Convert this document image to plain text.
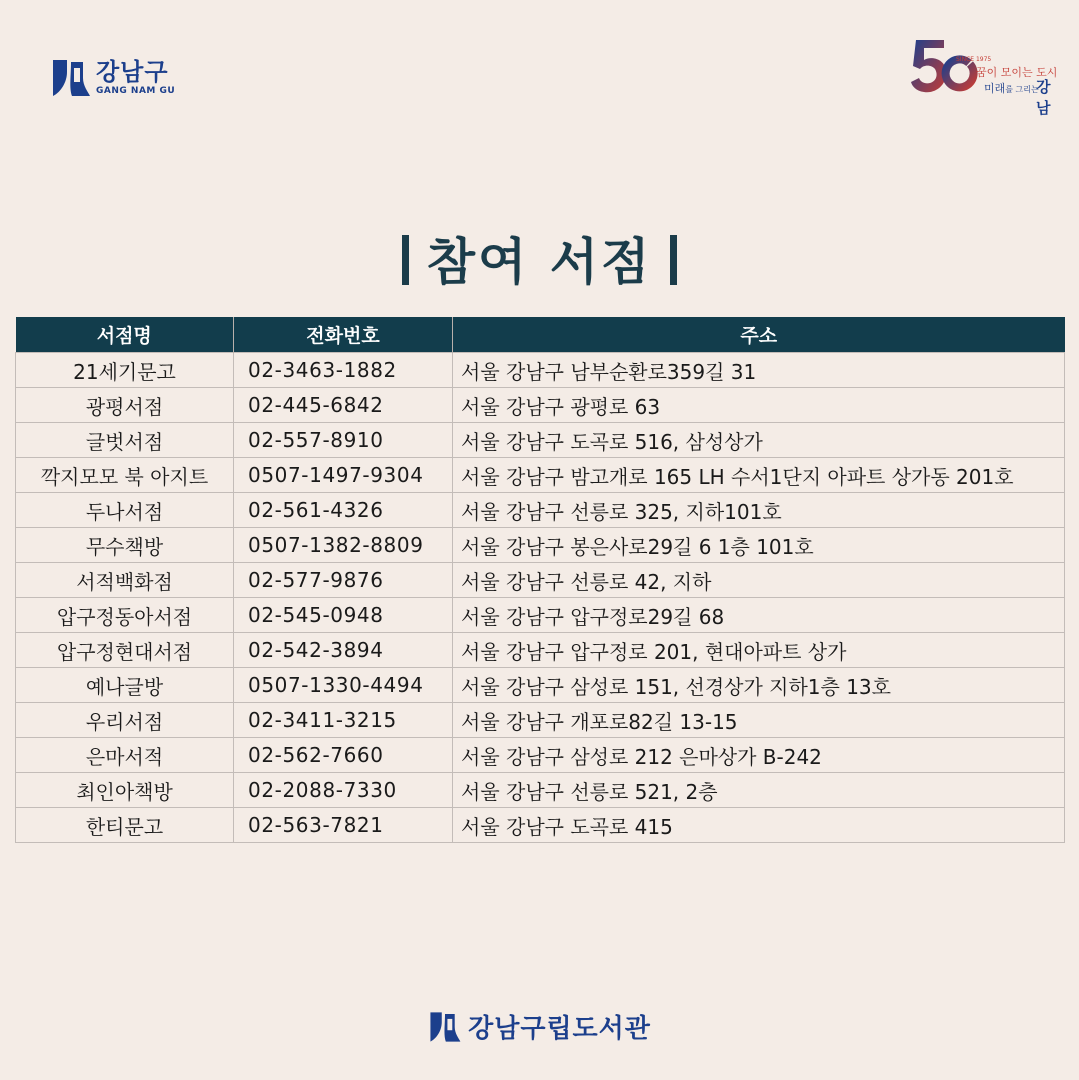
강남구
GANG NAM GU
SINCE 1975
꿈이 모이는 도시
미래를 그리는
강남
참여 서점
서점명	전화번호	주소
21세기문고	02-3463-1882	서울 강남구 남부순환로359길 31
광평서점	02-445-6842	서울 강남구 광평로 63
글벗서점	02-557-8910	서울 강남구 도곡로 516, 삼성상가
깍지모모 북 아지트	0507-1497-9304	서울 강남구 밤고개로 165 LH 수서1단지 아파트 상가동 201호
두나서점	02-561-4326	서울 강남구 선릉로 325, 지하101호
무수책방	0507-1382-8809	서울 강남구 봉은사로29길 6 1층 101호
서적백화점	02-577-9876	서울 강남구 선릉로 42, 지하
압구정동아서점	02-545-0948	서울 강남구 압구정로29길 68
압구정현대서점	02-542-3894	서울 강남구 압구정로 201, 현대아파트 상가
예나글방	0507-1330-4494	서울 강남구 삼성로 151, 선경상가 지하1층 13호
우리서점	02-3411-3215	서울 강남구 개포로82길 13-15
은마서적	02-562-7660	서울 강남구 삼성로 212 은마상가 B-242
최인아책방	02-2088-7330	서울 강남구 선릉로 521, 2층
한티문고	02-563-7821	서울 강남구 도곡로 415
강남구립도서관
